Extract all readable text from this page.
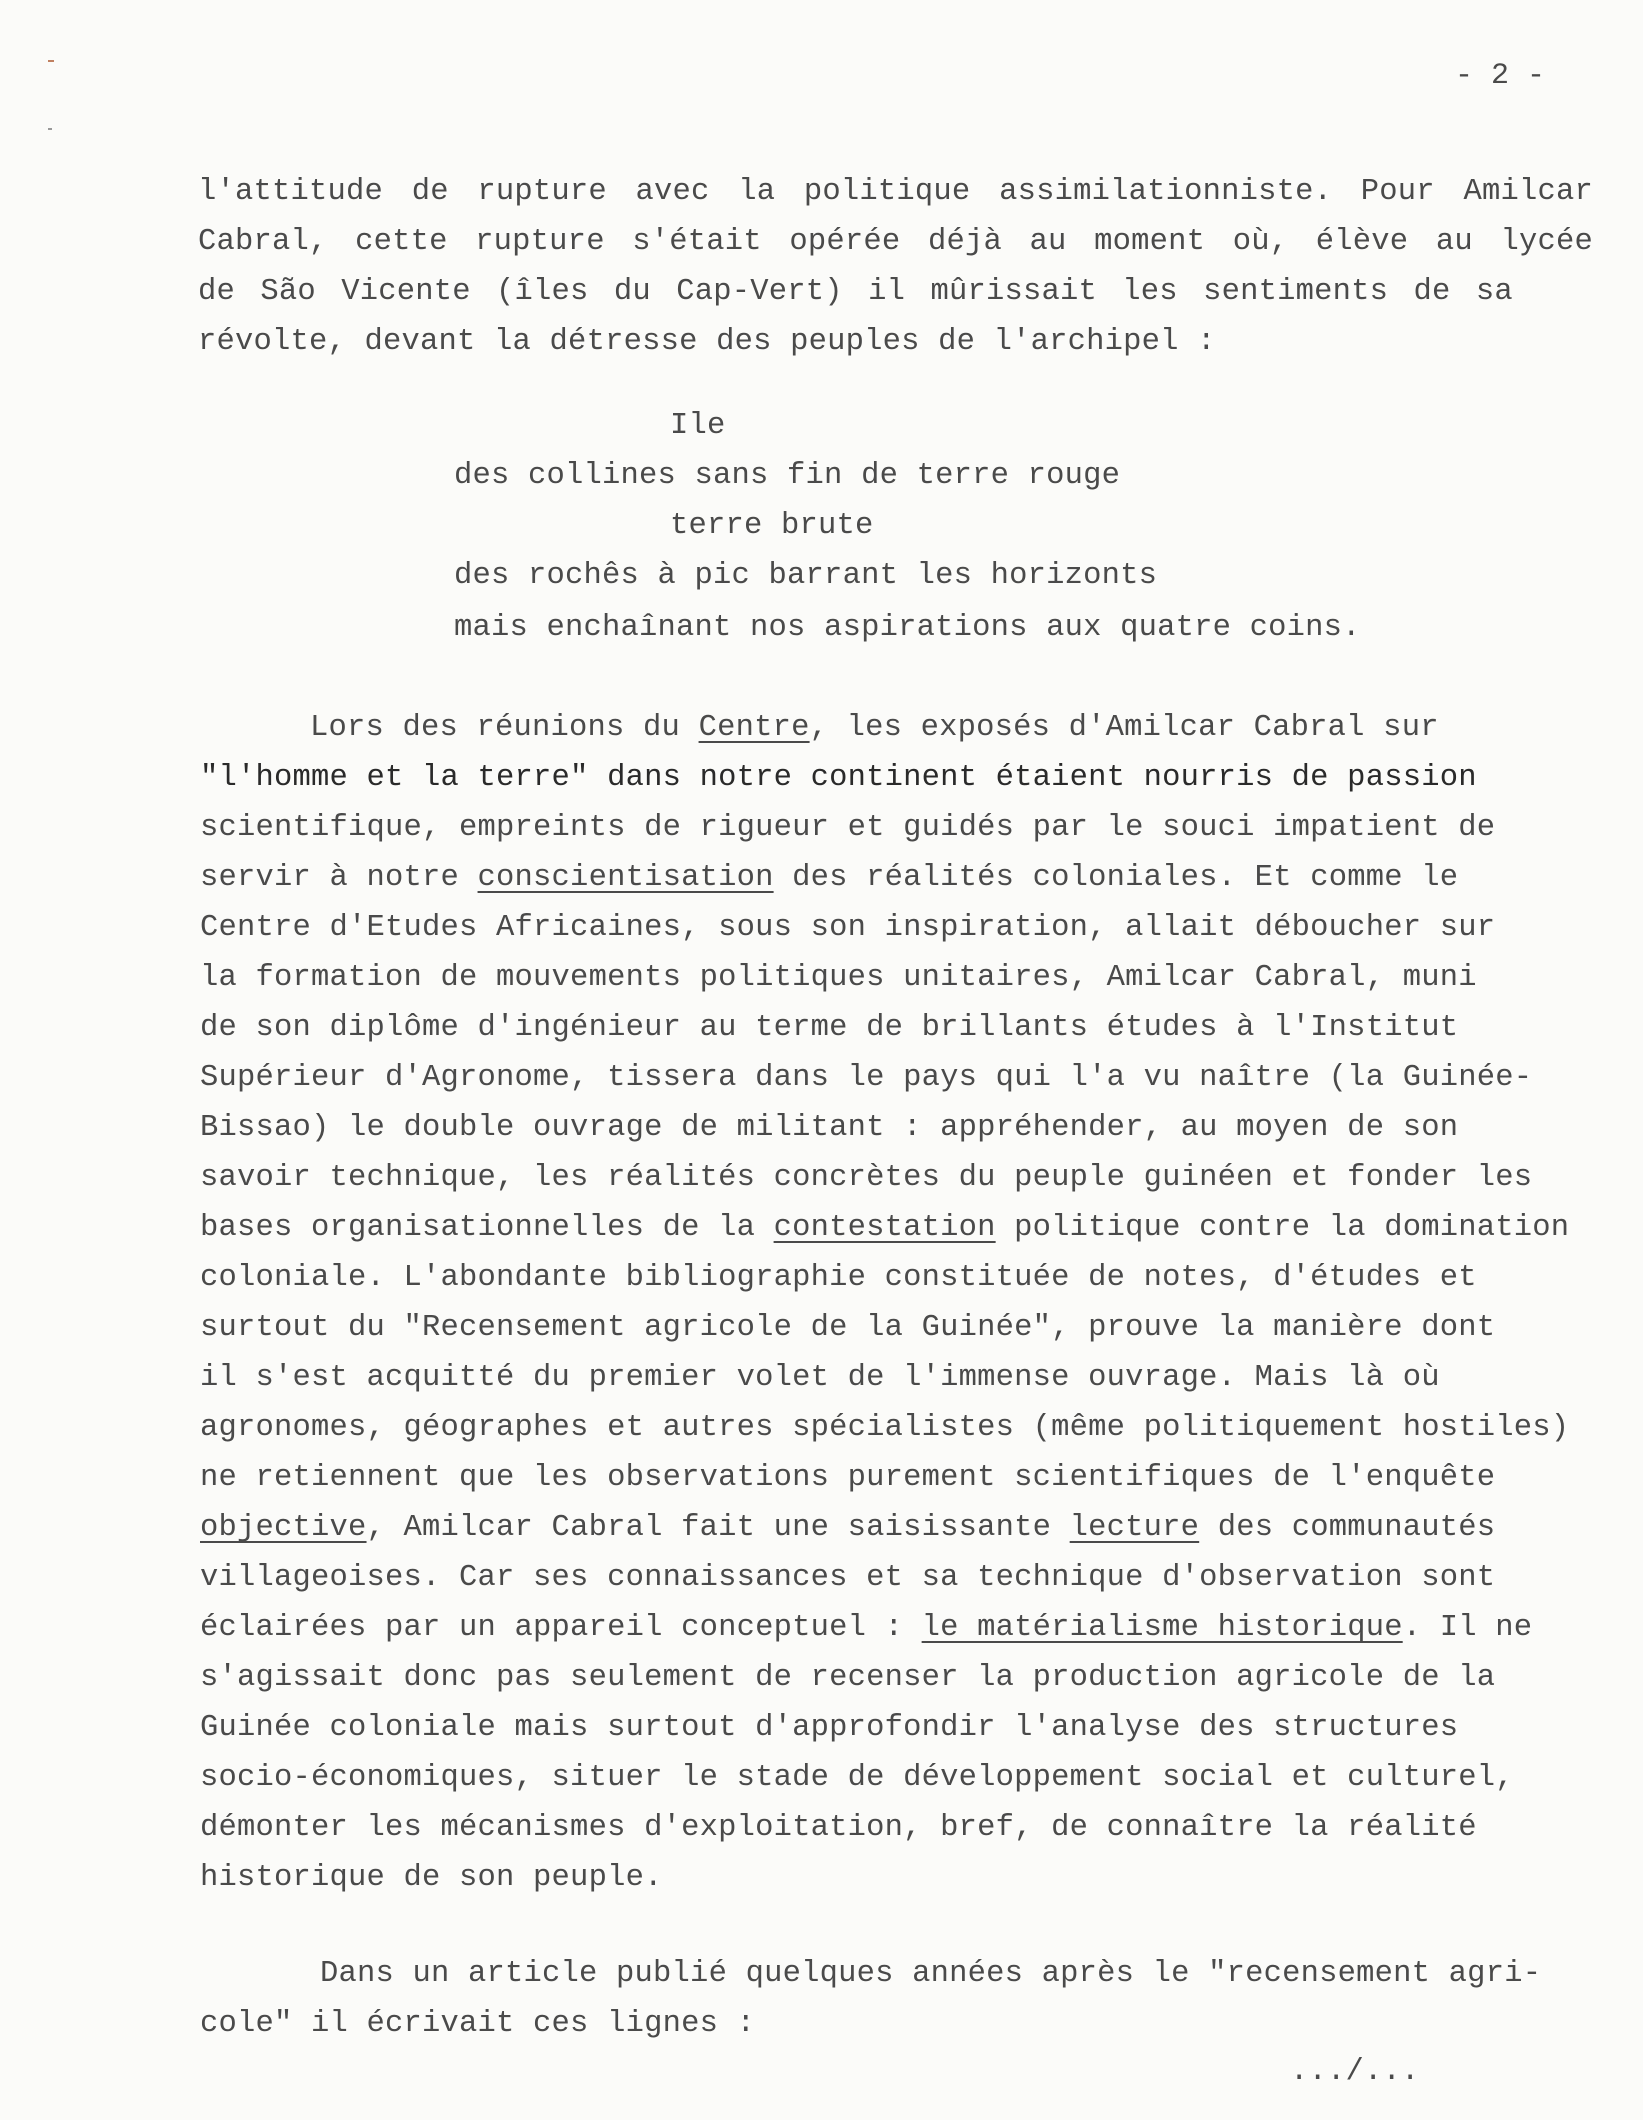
- 2 -
l'attitude de rupture avec la politique assimilationniste. Pour Amilcar
Cabral, cette rupture s'était opérée déjà au moment où, élève au lycée
de São Vicente (îles du Cap-Vert) il mûrissait les sentiments de sa
révolte, devant la détresse des peuples de l'archipel :
Ile
des collines sans fin de terre rouge
terre brute
des rochês à pic barrant les horizonts
mais enchaînant nos aspirations aux quatre coins.
Lors des réunions du Centre, les exposés d'Amilcar Cabral sur
"l'homme et la terre" dans notre continent étaient nourris de passion
scientifique, empreints de rigueur et guidés par le souci impatient de
servir à notre conscientisation des réalités coloniales. Et comme le
Centre d'Etudes Africaines, sous son inspiration, allait déboucher sur
la formation de mouvements politiques unitaires, Amilcar Cabral, muni
de son diplôme d'ingénieur au terme de brillants études à l'Institut
Supérieur d'Agronome, tissera dans le pays qui l'a vu naître (la Guinée-
Bissao) le double ouvrage de militant : appréhender, au moyen de son
savoir technique, les réalités concrètes du peuple guinéen et fonder les
bases organisationnelles de la contestation politique contre la domination
coloniale. L'abondante bibliographie constituée de notes, d'études et
surtout du "Recensement agricole de la Guinée", prouve la manière dont
il s'est acquitté du premier volet de l'immense ouvrage. Mais là où
agronomes, géographes et autres spécialistes (même politiquement hostiles)
ne retiennent que les observations purement scientifiques de l'enquête
objective, Amilcar Cabral fait une saisissante lecture des communautés
villageoises. Car ses connaissances et sa technique d'observation sont
éclairées par un appareil conceptuel : le matérialisme historique. Il ne
s'agissait donc pas seulement de recenser la production agricole de la
Guinée coloniale mais surtout d'approfondir l'analyse des structures
socio-économiques, situer le stade de développement social et culturel,
démonter les mécanismes d'exploitation, bref, de connaître la réalité
historique de son peuple.
Dans un article publié quelques années après le "recensement agri-
cole" il écrivait ces lignes :
.../...
